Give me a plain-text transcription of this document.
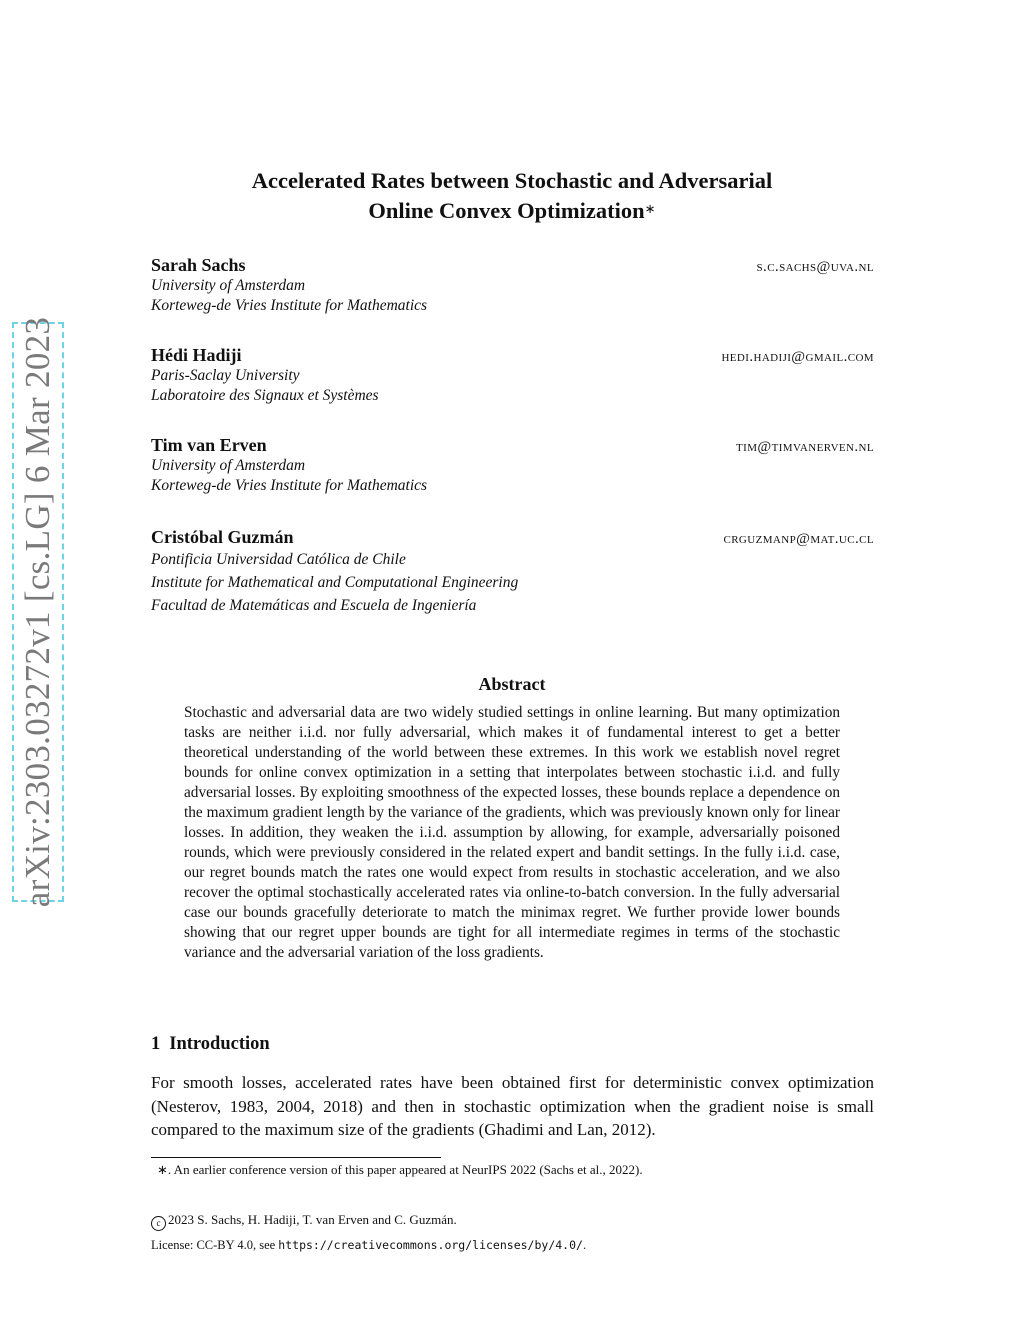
arXiv:2303.03272v1 [cs.LG] 6 Mar 2023
Accelerated Rates between Stochastic and Adversarial
Online Convex Optimization∗
Sarah Sachs	s.c.sachs@uva.nl
University of Amsterdam
Korteweg-de Vries Institute for Mathematics
Hédi Hadiji	hedi.hadiji@gmail.com
Paris-Saclay University
Laboratoire des Signaux et Systèmes
Tim van Erven	tim@timvanerven.nl
University of Amsterdam
Korteweg-de Vries Institute for Mathematics
Cristóbal Guzmán	crguzmanp@mat.uc.cl
Pontificia Universidad Católica de Chile
Institute for Mathematical and Computational Engineering
Facultad de Matemáticas and Escuela de Ingeniería
Abstract
Stochastic and adversarial data are two widely studied settings in online learning. But many optimization tasks are neither i.i.d. nor fully adversarial, which makes it of fundamental interest to get a better theoretical understanding of the world between these extremes. In this work we establish novel regret bounds for online convex optimization in a setting that interpolates between stochastic i.i.d. and fully adversarial losses. By exploiting smoothness of the expected losses, these bounds replace a dependence on the maximum gradient length by the variance of the gradients, which was previously known only for linear losses. In addition, they weaken the i.i.d. assumption by allowing, for example, adversarially poisoned rounds, which were previously considered in the related expert and bandit settings. In the fully i.i.d. case, our regret bounds match the rates one would expect from results in stochastic acceleration, and we also recover the optimal stochastically accelerated rates via online-to-batch conversion. In the fully adversarial case our bounds gracefully deteriorate to match the minimax regret. We further provide lower bounds showing that our regret upper bounds are tight for all intermediate regimes in terms of the stochastic variance and the adversarial variation of the loss gradients.
1 Introduction
For smooth losses, accelerated rates have been obtained first for deterministic convex optimization (Nesterov, 1983, 2004, 2018) and then in stochastic optimization when the gradient noise is small compared to the maximum size of the gradients (Ghadimi and Lan, 2012).
∗. An earlier conference version of this paper appeared at NeurIPS 2022 (Sachs et al., 2022).
c 2023 S. Sachs, H. Hadiji, T. van Erven and C. Guzmán.
License: CC-BY 4.0, see https://creativecommons.org/licenses/by/4.0/.
